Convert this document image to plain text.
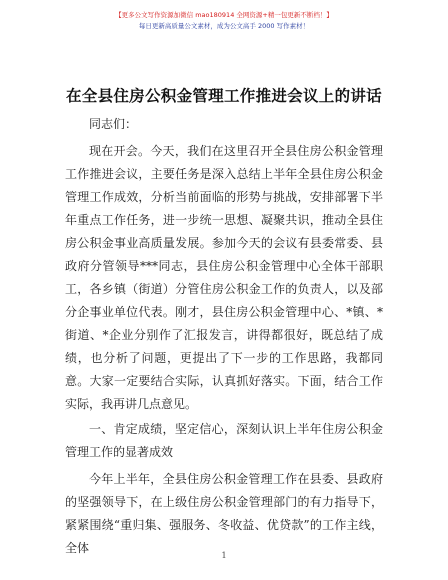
【更多公文写作资源加微信 mao180914 全网资源+精一包更新不断档！】
每日更新高质量公文素材，成为公文高手 2000 写作素材！
在全县住房公积金管理工作推进会议上的讲话

同志们：

现在开会。今天，我们在这里召开全县住房公积金管理工作推进会议，主要任务是深入总结上半年全县住房公积金管理工作成效，分析当前面临的形势与挑战，安排部署下半年重点工作任务，进一步统一思想、凝聚共识，推动全县住房公积金事业高质量发展。参加今天的会议有县委常委、县政府分管领导***同志，县住房公积金管理中心全体干部职工，各乡镇（街道）分管住房公积金工作的负责人，以及部分企事业单位代表。刚才，县住房公积金管理中心、*镇、*街道、*企业分别作了汇报发言，讲得都很好，既总结了成绩，也分析了问题，更提出了下一步的工作思路，我都同意。大家一定要结合实际，认真抓好落实。下面，结合工作实际，我再讲几点意见。

一、肯定成绩，坚定信心，深刻认识上半年住房公积金管理工作的显著成效

今年上半年，全县住房公积金管理工作在县委、县政府的坚强领导下，在上级住房公积金管理部门的有力指导下，紧紧围绕“重归集、强服务、冬收益、优贷款”的工作主线，全体

1
